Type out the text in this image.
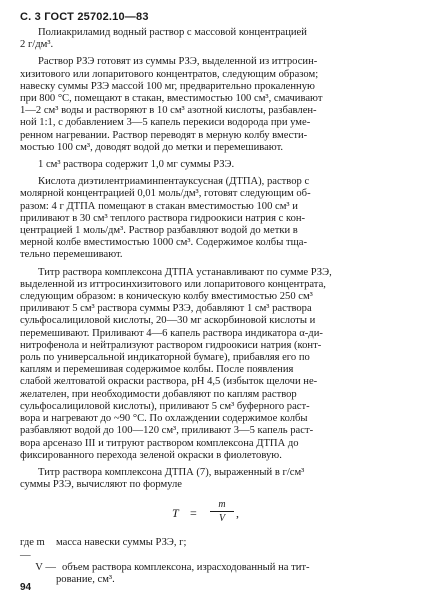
С. 3 ГОСТ 25702.10—83

Полиакриламид водный раствор с массовой концентрацией
2 г/дм³.

Раствор РЗЭ готовят из суммы РЗЭ, выделенной из иттросин-
хизитового или лопаритового концентратов, следующим образом;
навеску суммы РЗЭ массой 100 мг, предварительно прокаленную
при 800 °С, помещают в стакан, вместимостью 100 см³, смачивают
1—2 см³ воды и растворяют в 10 см³ азотной кислоты, разбавлен-
ной 1:1, с добавлением 3—5 капель перекиси водорода при уме-
ренном нагревании. Раствор переводят в мерную колбу вмести-
мостью 100 см³, доводят водой до метки и перемешивают.

1 см³ раствора содержит 1,0 мг суммы РЗЭ.

Кислота диэтилентриаминпентауксусная (ДТПА), раствор с
молярной концентрацией 0,01 моль/дм³, готовят следующим об-
разом: 4 г ДТПА помещают в стакан вместимостью 100 см³ и
приливают в 30 см³ теплого раствора гидроокиси натрия с кон-
центрацией 1 моль/дм³. Раствор разбавляют водой до метки в
мерной колбе вместимостью 1000 см³. Содержимое колбы тща-
тельно перемешивают.

Титр раствора комплексона ДТПА устанавливают по сумме РЗЭ,
выделенной из иттросинхизитового или лопаритового концентрата,
следующим образом: в коническую колбу вместимостью 250 см³
приливают 5 см³ раствора суммы РЗЭ, добавляют 1 см³ раствора
сульфосалициловой кислоты, 20—30 мг аскорбиновой кислоты и
перемешивают. Приливают 4—6 капель раствора индикатора α-ди-
нитрофенола и нейтрализуют раствором гидроокиси натрия (конт-
роль по универсальной индикаторной бумаге), прибавляя его по
каплям и перемешивая содержимое колбы. После появления
слабой желтоватой окраски раствора, рН 4,5 (избыток щелочи не-
желателен, при необходимости добавляют по каплям раствор
сульфосалициловой кислоты), приливают 5 см³ буферного раст-
вора и нагревают до ~90 °С. По охлаждении содержимое колбы
разбавляют водой до 100—120 см³, приливают 3—5 капель раст-
вора арсеназо III и титруют раствором комплексона ДТПА до
фиксированного перехода зеленой окраски в фиолетовую.

Титр раствора комплексона ДТПА (7), выраженный в г/см³
суммы РЗЭ, вычисляют по формуле

$T = \frac{m}{V}$ ,
где m —
масса навески суммы РЗЭ, г;
V — объем раствора комплексона, израсходованный на тит-
рование, см³.
94
